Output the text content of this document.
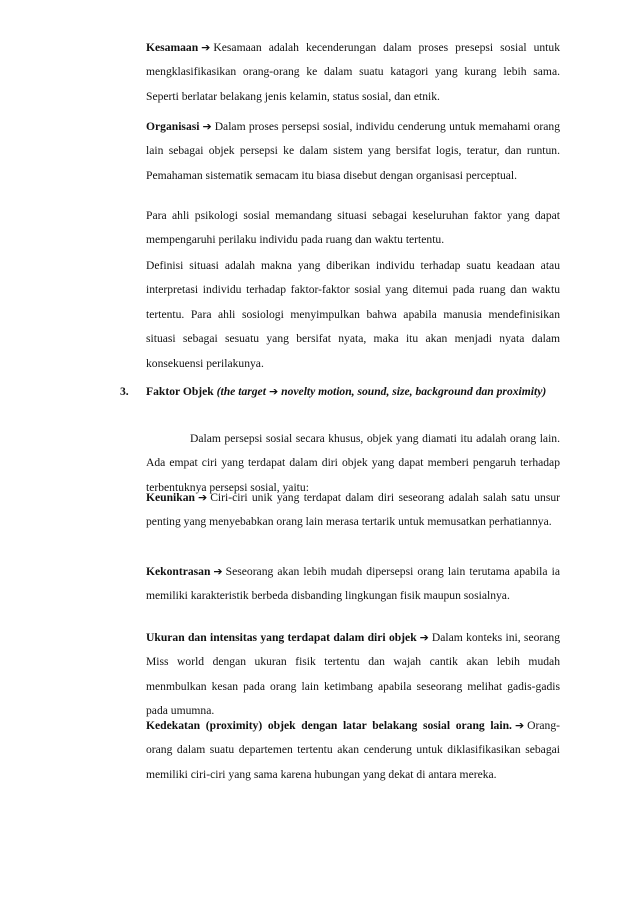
Kesamaan ➔ Kesamaan adalah kecenderungan dalam proses presepsi sosial untuk mengklasifikasikan orang-orang ke dalam suatu katagori yang kurang lebih sama. Seperti berlatar belakang jenis kelamin, status sosial, dan etnik.
Organisasi ➔ Dalam proses persepsi sosial, individu cenderung untuk memahami orang lain sebagai objek persepsi ke dalam sistem yang bersifat logis, teratur, dan runtun. Pemahaman sistematik semacam itu biasa disebut dengan organisasi perceptual.
Para ahli psikologi sosial memandang situasi sebagai keseluruhan faktor yang dapat mempengaruhi perilaku individu pada ruang dan waktu tertentu.
Definisi situasi adalah makna yang diberikan individu terhadap suatu keadaan atau interpretasi individu terhadap faktor-faktor sosial yang ditemui pada ruang dan waktu tertentu. Para ahli sosiologi menyimpulkan bahwa apabila manusia mendefinisikan situasi sebagai sesuatu yang bersifat nyata, maka itu akan menjadi nyata dalam konsekuensi perilakunya.
3. Faktor Objek (the target ➔ novelty motion, sound, size, background dan proximity)
Dalam persepsi sosial secara khusus, objek yang diamati itu adalah orang lain. Ada empat ciri yang terdapat dalam diri objek yang dapat memberi pengaruh terhadap terbentuknya persepsi sosial, yaitu:
Keunikan ➔ Ciri-ciri unik yang terdapat dalam diri seseorang adalah salah satu unsur penting yang menyebabkan orang lain merasa tertarik untuk memusatkan perhatiannya.
Kekontrasan ➔ Seseorang akan lebih mudah dipersepsi orang lain terutama apabila ia memiliki karakteristik berbeda disbanding lingkungan fisik maupun sosialnya.
Ukuran dan intensitas yang terdapat dalam diri objek ➔ Dalam konteks ini, seorang Miss world dengan ukuran fisik tertentu dan wajah cantik akan lebih mudah menmbulkan kesan pada orang lain ketimbang apabila seseorang melihat gadis-gadis pada umumna.
Kedekatan (proximity) objek dengan latar belakang sosial orang lain. ➔ Orang-orang dalam suatu departemen tertentu akan cenderung untuk diklasifikasikan sebagai memiliki ciri-ciri yang sama karena hubungan yang dekat di antara mereka.
